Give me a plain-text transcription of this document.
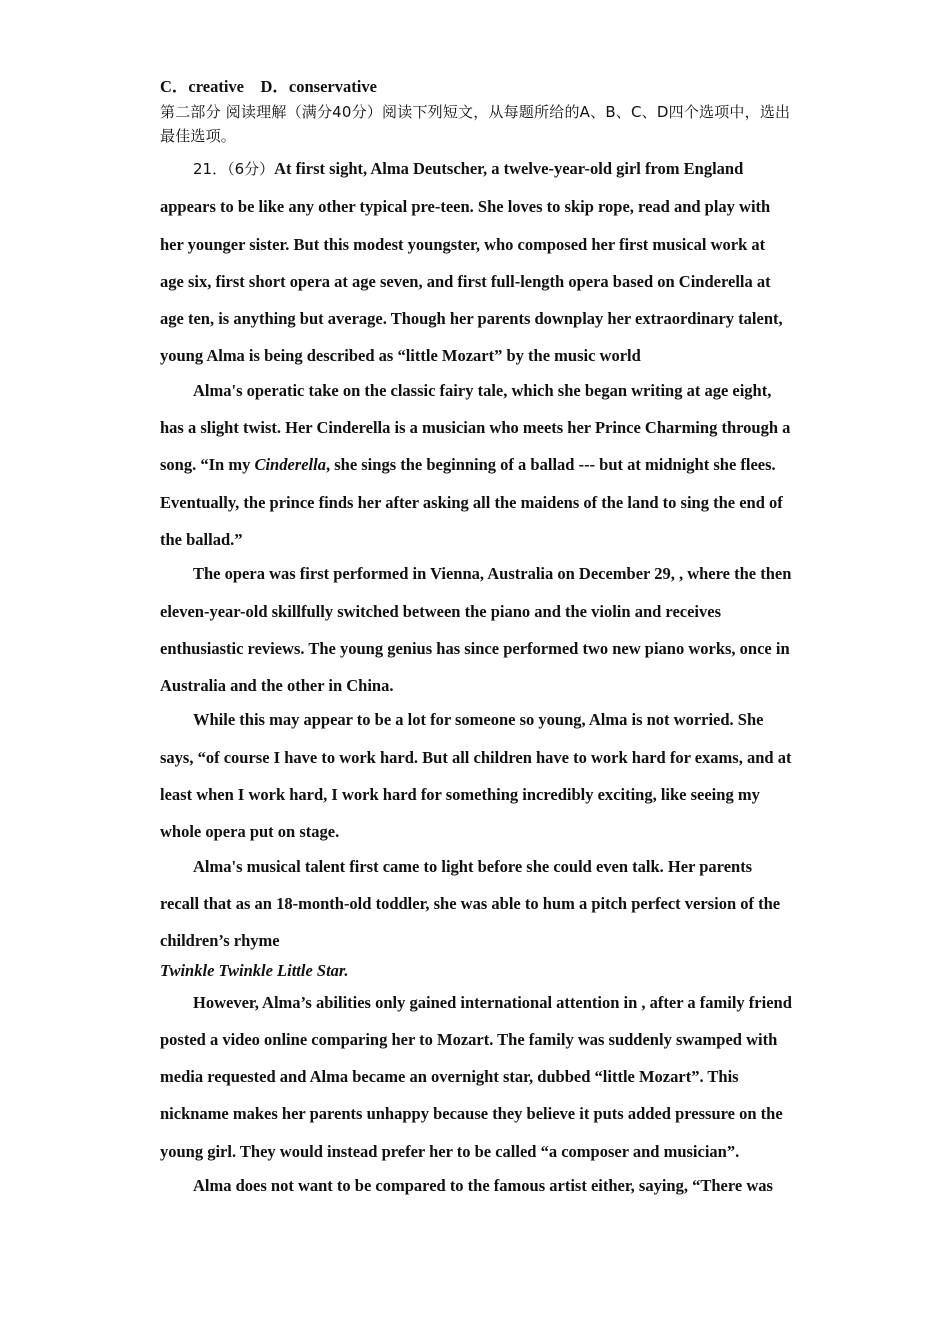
C．creative D．conservative

第二部分 阅读理解（满分40分）阅读下列短文，从每题所给的A、B、C、D四个选项中，选出最佳选项。

21．（6分）At first sight, Alma Deutscher, a twelve-year-old girl from England appears to be like any other typical pre-teen. She loves to skip rope, read and play with her younger sister. But this modest youngster, who composed her first musical work at age six, first short opera at age seven, and first full-length opera based on Cinderella at age ten, is anything but average. Though her parents downplay her extraordinary talent, young Alma is being described as “little Mozart” by the music world

Alma's operatic take on the classic fairy tale, which she began writing at age eight, has a slight twist. Her Cinderella is a musician who meets her Prince Charming through a song. “In my Cinderella, she sings the beginning of a ballad --- but at midnight she flees. Eventually, the prince finds her after asking all the maidens of the land to sing the end of the ballad.”

The opera was first performed in Vienna, Australia on December 29, , where the then eleven-year-old skillfully switched between the piano and the violin and receives enthusiastic reviews. The young genius has since performed two new piano works, once in Australia and the other in China.

While this may appear to be a lot for someone so young, Alma is not worried. She says, “of course I have to work hard. But all children have to work hard for exams, and at least when I work hard, I work hard for something incredibly exciting, like seeing my whole opera put on stage.

Alma's musical talent first came to light before she could even talk. Her parents recall that as an 18-month-old toddler, she was able to hum a pitch perfect version of the children’s rhyme

Twinkle Twinkle Little Star.

However, Alma’s abilities only gained international attention in , after a family friend posted a video online comparing her to Mozart. The family was suddenly swamped with media requested and Alma became an overnight star, dubbed “little Mozart”. This nickname makes her parents unhappy because they believe it puts added pressure on the young girl. They would instead prefer her to be called “a composer and musician”.

Alma does not want to be compared to the famous artist either, saying, “There was
